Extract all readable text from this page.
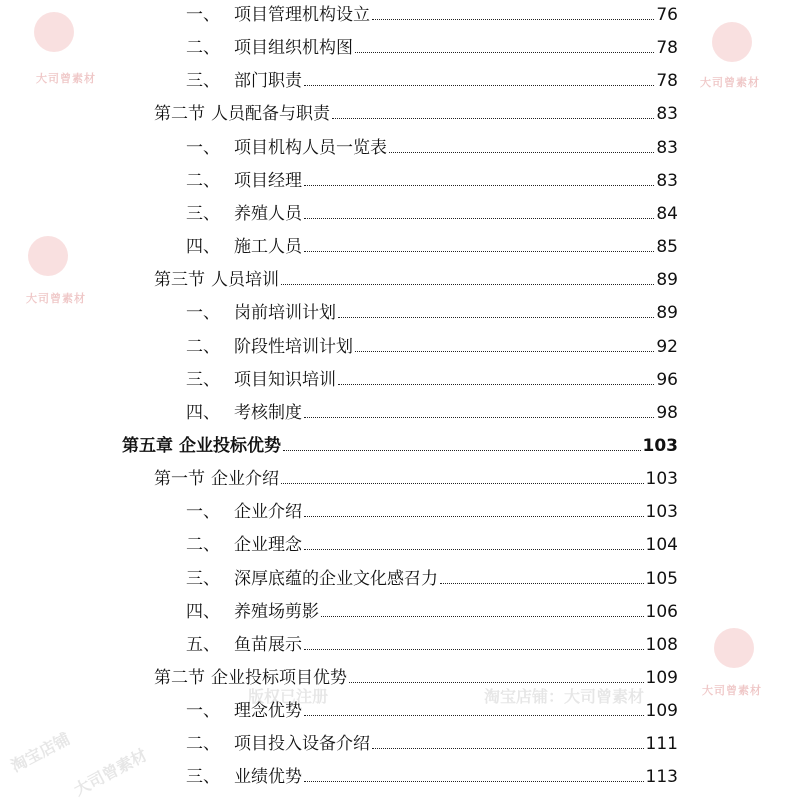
大司曾素材	大司曾素材
大司曾素材
大司曾素材
版权已注册	淘宝店铺：大司曾素材
淘宝店铺
大司曾素材
一、 项目管理机构设立	76
二、 项目组织机构图	78
三、 部门职责	78
第二节 人员配备与职责	83
一、 项目机构人员一览表	83
二、 项目经理	83
三、 养殖人员	84
四、 施工人员	85
第三节 人员培训	89
一、 岗前培训计划	89
二、 阶段性培训计划	92
三、 项目知识培训	96
四、 考核制度	98
第五章 企业投标优势	103
第一节 企业介绍	103
一、 企业介绍	103
二、 企业理念	104
三、 深厚底蕴的企业文化感召力	105
四、 养殖场剪影	106
五、 鱼苗展示	108
第二节 企业投标项目优势	109
一、 理念优势	109
二、 项目投入设备介绍	111
三、 业绩优势	113
